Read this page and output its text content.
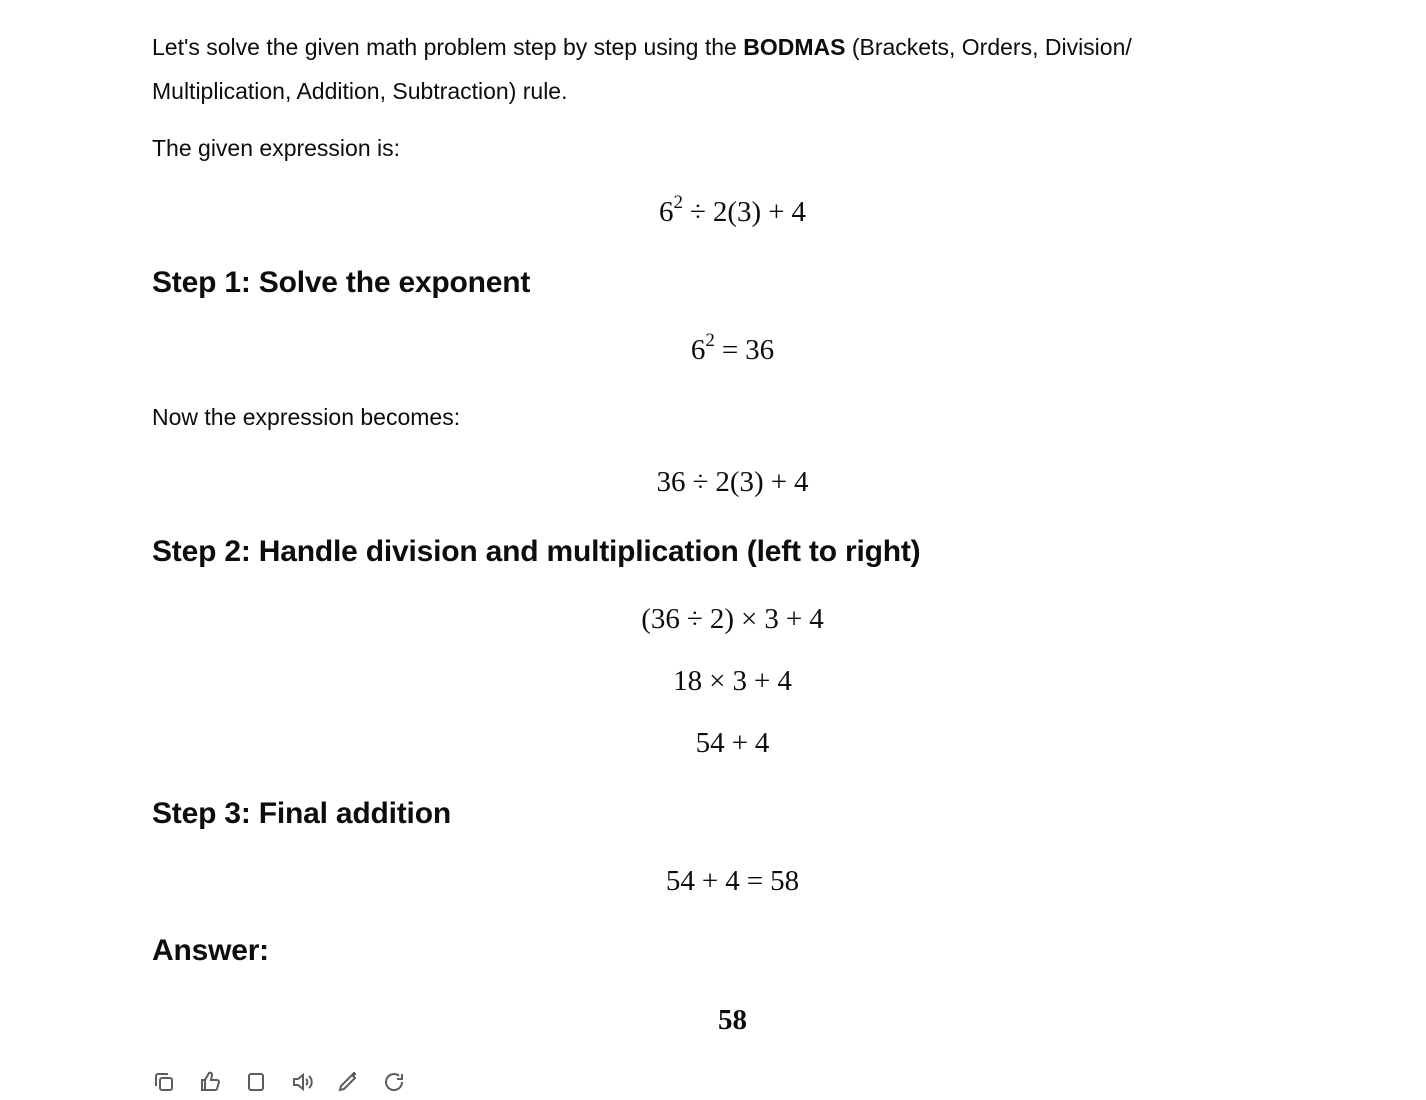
Let's solve the given math problem step by step using the BODMAS (Brackets, Orders, Division/
Multiplication, Addition, Subtraction) rule.
The given expression is:
$6^2 \div 2(3) + 4$
Step 1: Solve the exponent
$6^2 = 36$
Now the expression becomes:
36 ÷ 2(3) + 4
Step 2: Handle division and multiplication (left to right)
(36 ÷ 2) × 3 + 4
18 × 3 + 4
54 + 4
Step 3: Final addition
54 + 4 = 58
Answer:
58
